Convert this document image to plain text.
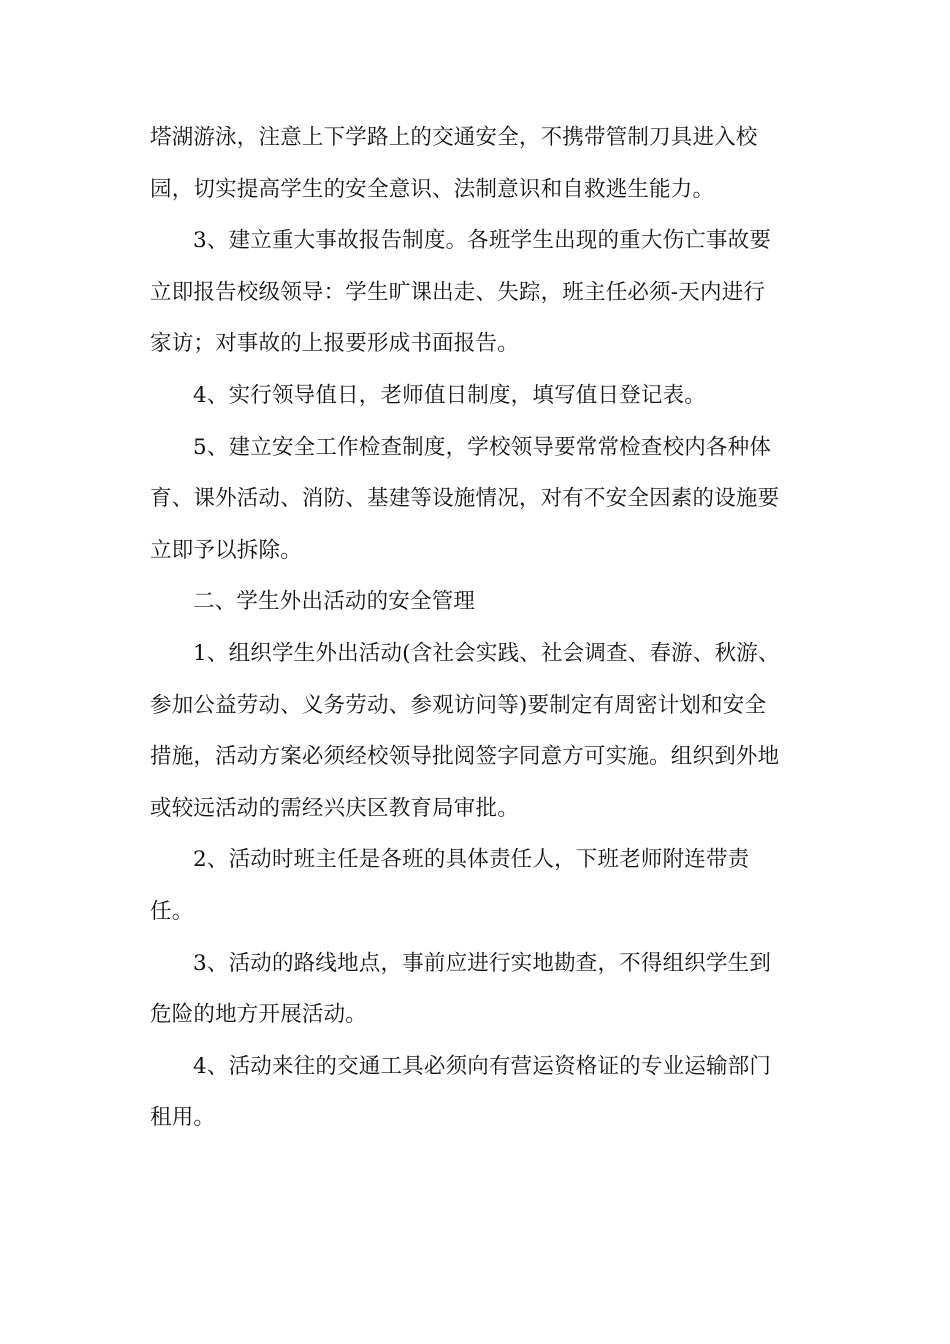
塔湖游泳，注意上下学路上的交通安全，不携带管制刀具进入校
园，切实提高学生的安全意识、法制意识和自救逃生能力。
3、建立重大事故报告制度。各班学生出现的重大伤亡事故要
立即报告校级领导：学生旷课出走、失踪，班主任必须-天内进行
家访；对事故的上报要形成书面报告。
4、实行领导值日，老师值日制度，填写值日登记表。
5、建立安全工作检查制度，学校领导要常常检查校内各种体
育、课外活动、消防、基建等设施情况，对有不安全因素的设施要
立即予以拆除。
二、学生外出活动的安全管理
1、组织学生外出活动(含社会实践、社会调查、春游、秋游、
参加公益劳动、义务劳动、参观访问等)要制定有周密计划和安全
措施，活动方案必须经校领导批阅签字同意方可实施。组织到外地
或较远活动的需经兴庆区教育局审批。
2、活动时班主任是各班的具体责任人，下班老师附连带责
任。
3、活动的路线地点，事前应进行实地勘查，不得组织学生到
危险的地方开展活动。
4、活动来往的交通工具必须向有营运资格证的专业运输部门
租用。
